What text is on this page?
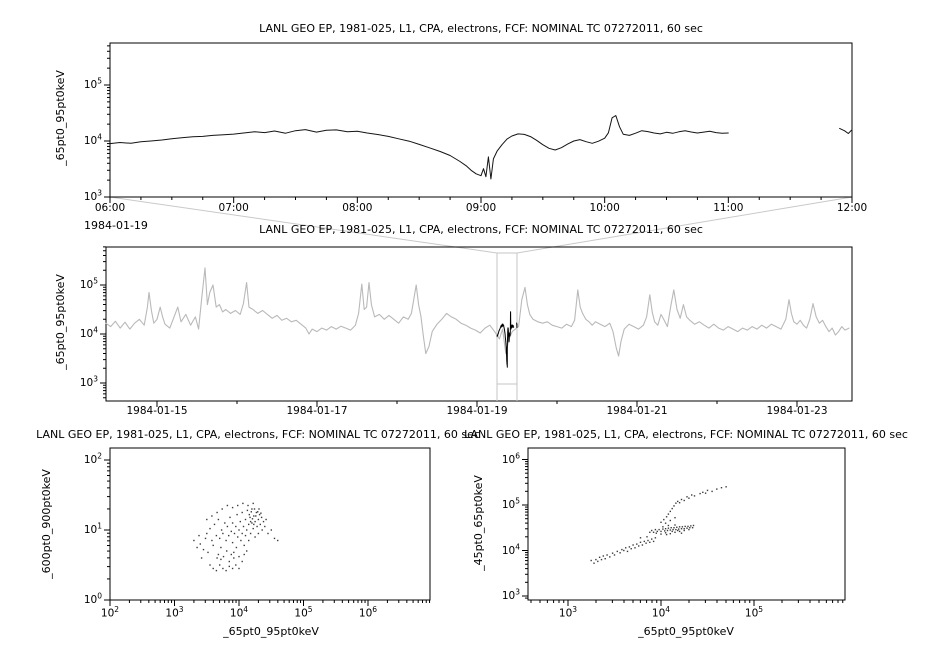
LANL GEO EP, 1981-025, L1, CPA, electrons, FCF: NOMINAL TC 07272011, 60 sec
1984-01-19	LANL GEO EP, 1981-025, L1, CPA, electrons, FCF: NOMINAL TC 07272011, 60 sec
LANL GEO EP, 1981-025, L1, CPA, electrons, FCF: NOMINAL TC 07272011, 60 sec
LANL GEO EP, 1981-025, L1, CPA, electrons, FCF: NOMINAL TC 07272011, 60 sec
_65pt0_95pt0keV
_65pt0_95pt0keV
_600pt0_900pt0keV	_45pt0_65pt0keV
_65pt0_95pt0keV	_65pt0_95pt0keV
06:00	07:00	08:00	09:00	10:00	11:00	12:00
$10^3$
$10^4$
$10^5$
1984-01-15	1984-01-17	1984-01-19	1984-01-21	1984-01-23
$10^3$
$10^4$
$10^5$
$10^2$	$10^3$	$10^4$	$10^5$	$10^6$
$10^0$
$10^1$
$10^2$
$10^3$	$10^4$	$10^5$
$10^3$
$10^4$
$10^5$
$10^6$
